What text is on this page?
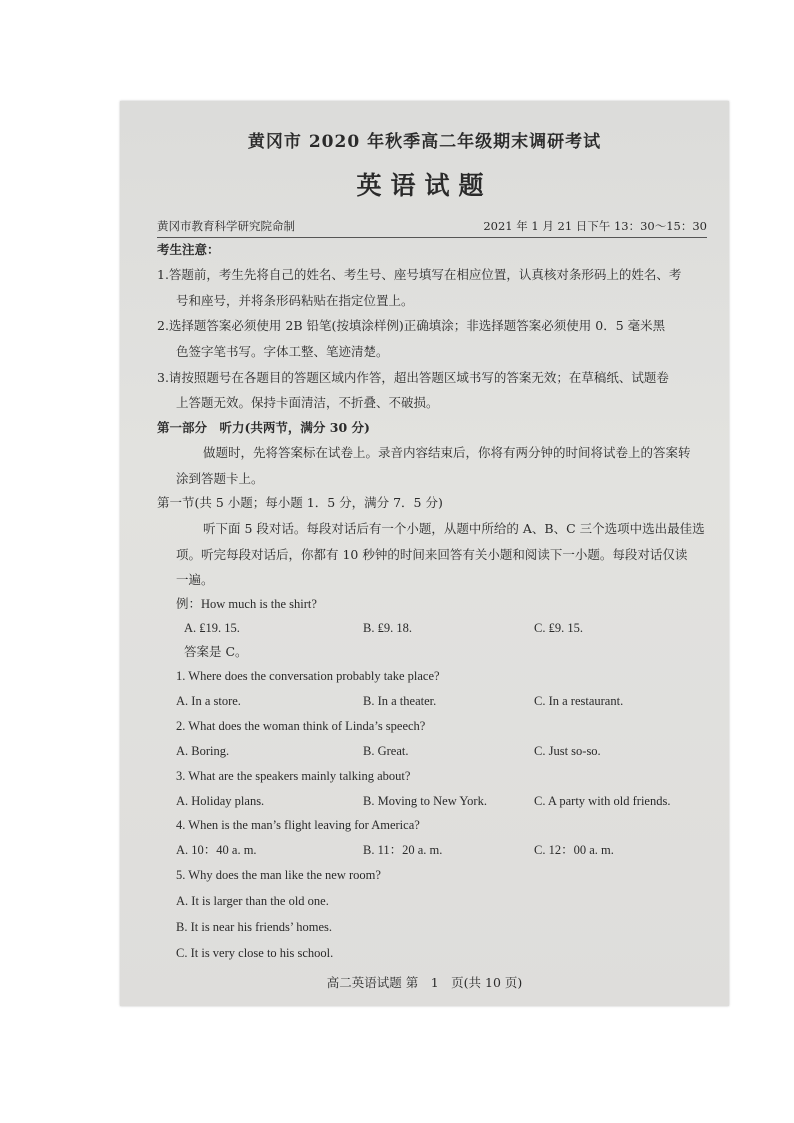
黄冈市 2020 年秋季高二年级期末调研考试
英语试题
黄冈市教育科学研究院命制	2021 年 1 月 21 日下午 13：30～15：30
考生注意：
1.答题前，考生先将自己的姓名、考生号、座号填写在相应位置，认真核对条形码上的姓名、考
号和座号，并将条形码粘贴在指定位置上。
2.选择题答案必须使用 2B 铅笔(按填涂样例)正确填涂；非选择题答案必须使用 0．5 毫米黑
色签字笔书写。字体工整、笔迹清楚。
3.请按照题号在各题目的答题区域内作答，超出答题区域书写的答案无效；在草稿纸、试题卷
上答题无效。保持卡面清洁，不折叠、不破损。
第一部分　听力(共两节，满分 30 分)
做题时，先将答案标在试卷上。录音内容结束后，你将有两分钟的时间将试卷上的答案转
涂到答题卡上。
第一节(共 5 小题；每小题 1．5 分，满分 7．5 分)
听下面 5 段对话。每段对话后有一个小题，从题中所给的 A、B、C 三个选项中选出最佳选
项。听完每段对话后，你都有 10 秒钟的时间来回答有关小题和阅读下一小题。每段对话仅读
一遍。
例：How much is the shirt?
A. ₤19. 15.	B. ₤9. 18.	C. ₤9. 15.
答案是 C。
1. Where does the conversation probably take place?
A. In a store.	B. In a theater.	C. In a restaurant.
2. What does the woman think of Linda’s speech?
A. Boring.	B. Great.	C. Just so-so.
3. What are the speakers mainly talking about?
A. Holiday plans.	B. Moving to New York.	C. A party with old friends.
4. When is the man’s flight leaving for America?
A. 10：40 a. m.	B. 11：20 a. m.	C. 12：00 a. m.
5. Why does the man like the new room?
A. It is larger than the old one.
B. It is near his friends’ homes.
C. It is very close to his school.
高二英语试题 第　1　页(共 10 页)
